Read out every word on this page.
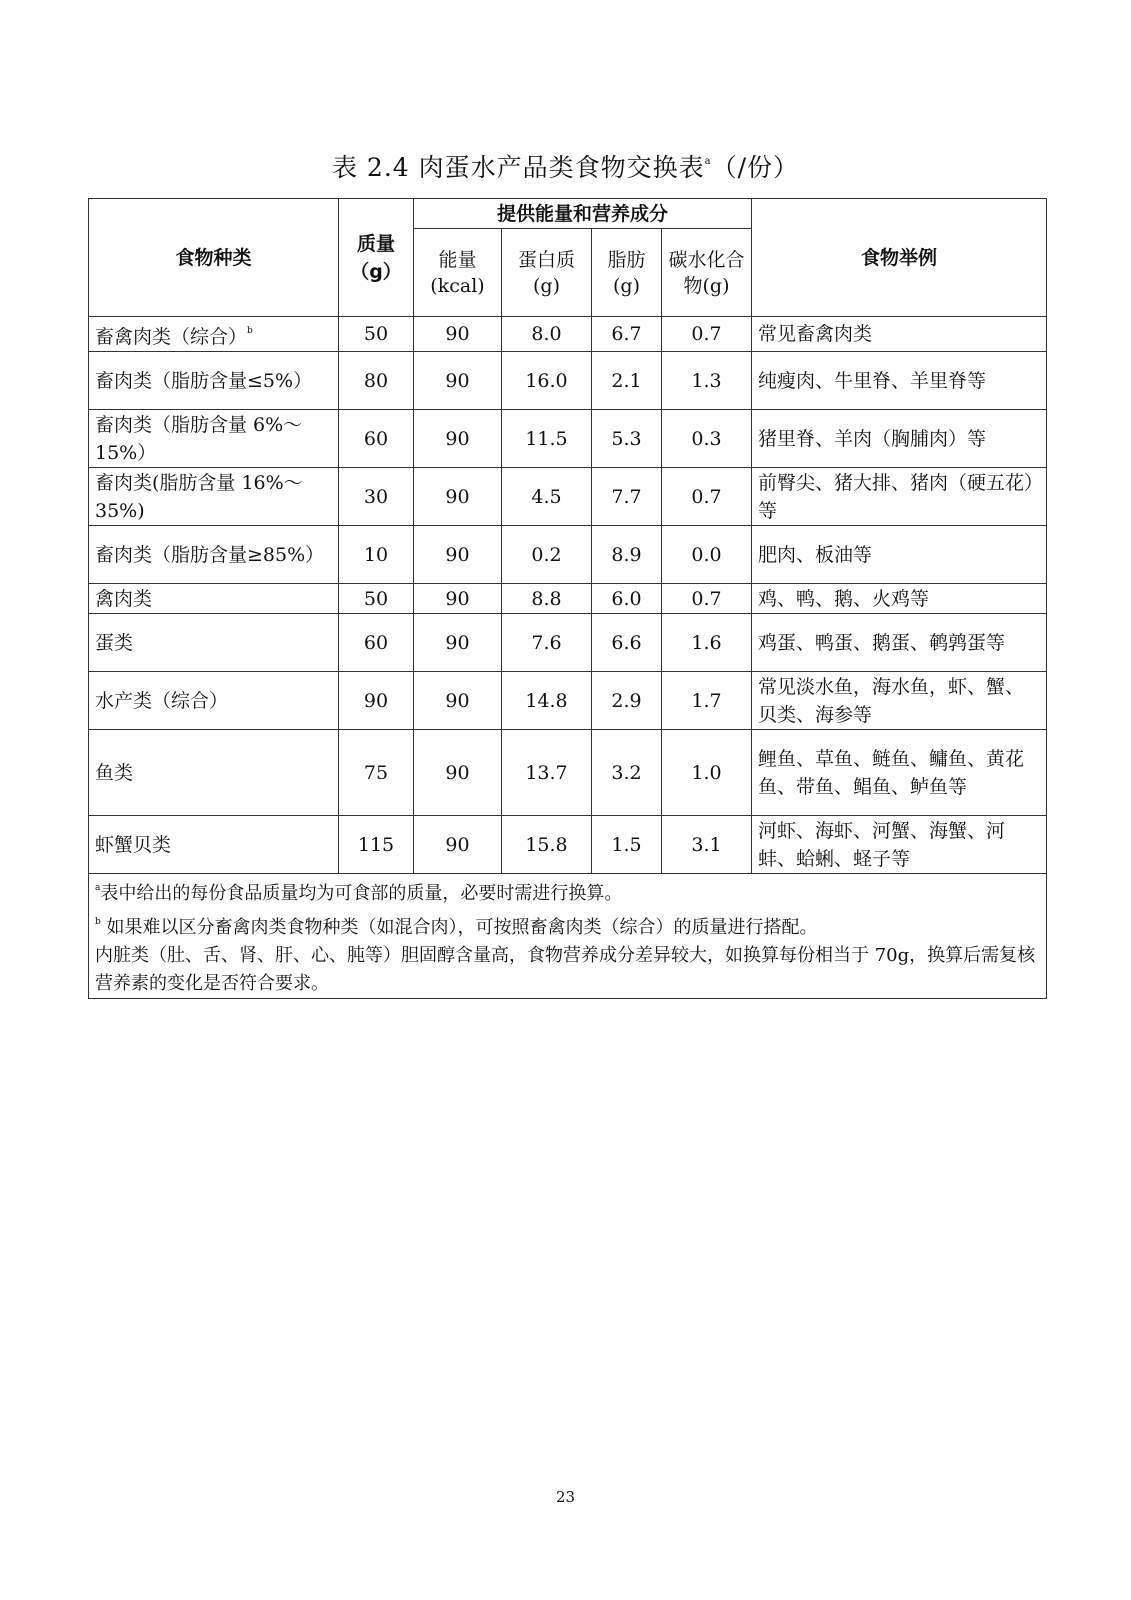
表 2.4 肉蛋水产品类食物交换表$^a$（/份）
食物种类	质量（g）	提供能量和营养成分				食物举例
		能量(kcal)	蛋白质(g)	脂肪(g)	碳水化合物(g)	
畜禽肉类（综合）$^b$	50	90	8.0	6.7	0.7	常见畜禽肉类
畜肉类（脂肪含量≤5%）	80	90	16.0	2.1	1.3	纯瘦肉、牛里脊、羊里脊等
畜肉类（脂肪含量 6%～15%）	60	90	11.5	5.3	0.3	猪里脊、羊肉（胸脯肉）等
畜肉类(脂肪含量 16%～35%)	30	90	4.5	7.7	0.7	前臀尖、猪大排、猪肉（硬五花）等
畜肉类（脂肪含量≥85%）	10	90	0.2	8.9	0.0	肥肉、板油等
禽肉类	50	90	8.8	6.0	0.7	鸡、鸭、鹅、火鸡等
蛋类	60	90	7.6	6.6	1.6	鸡蛋、鸭蛋、鹅蛋、鹌鹑蛋等
水产类（综合）	90	90	14.8	2.9	1.7	常见淡水鱼，海水鱼，虾、蟹、贝类、海参等
鱼类	75	90	13.7	3.2	1.0	鲤鱼、草鱼、鲢鱼、鳙鱼、黄花鱼、带鱼、鲳鱼、鲈鱼等
虾蟹贝类	115	90	15.8	1.5	3.1	河虾、海虾、河蟹、海蟹、河蚌、蛤蜊、蛏子等

$^a$表中给出的每份食品质量均为可食部的质量，必要时需进行换算。
$^b$ 如果难以区分畜禽肉类食物种类（如混合肉），可按照畜禽肉类（综合）的质量进行搭配。
内脏类（肚、舌、肾、肝、心、肫等）胆固醇含量高，食物营养成分差异较大，如换算每份相当于 70g，换算后需复核营养素的变化是否符合要求。						
23
